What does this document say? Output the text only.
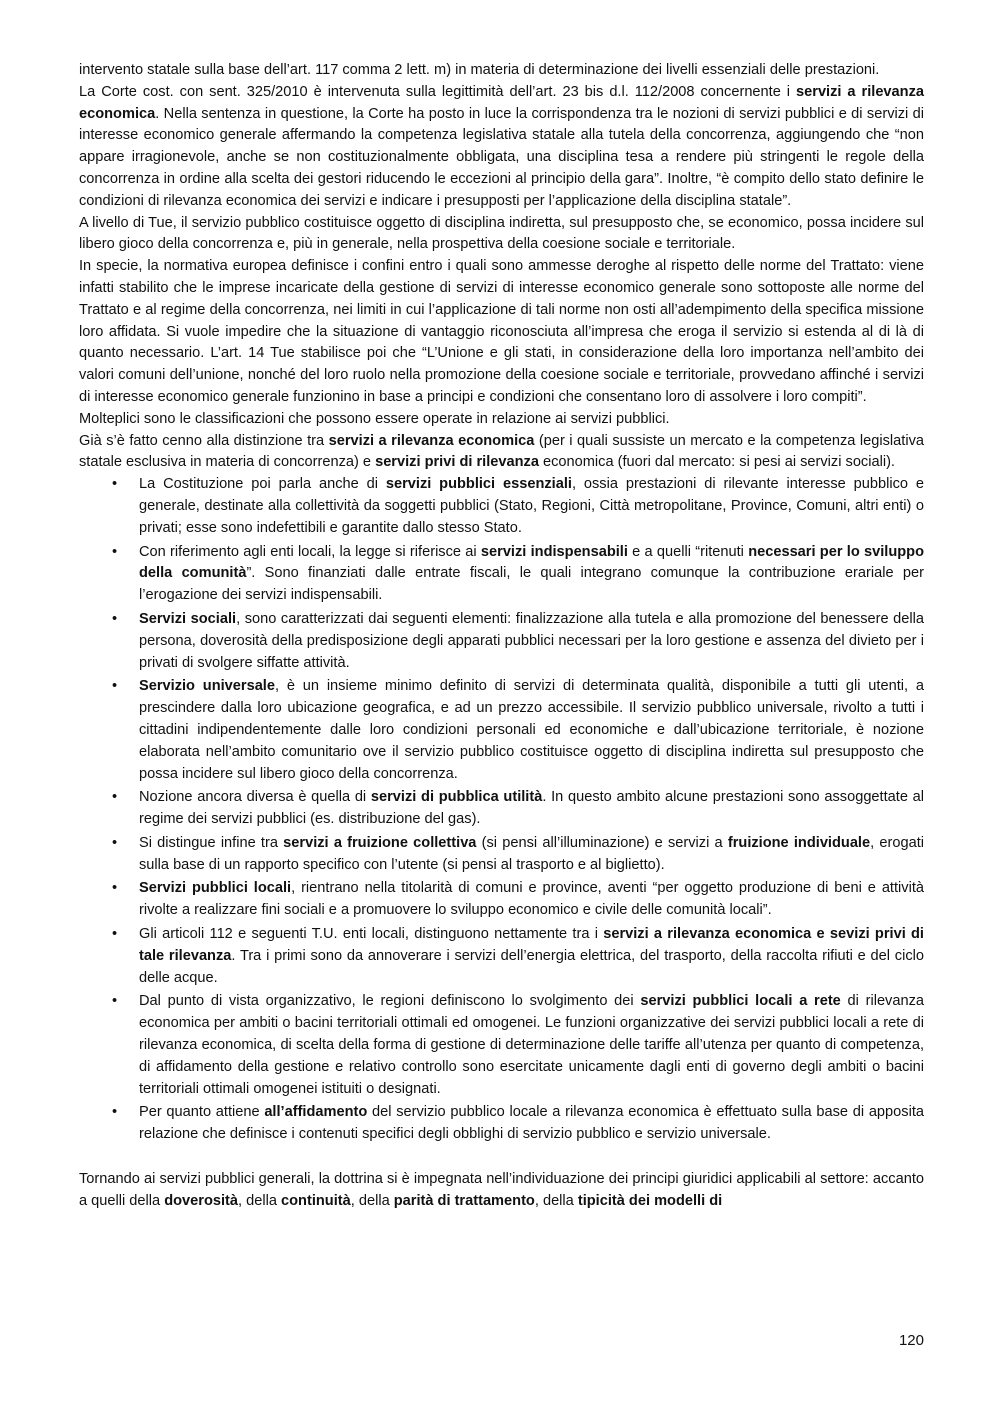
intervento statale sulla base dell’art. 117 comma 2 lett. m) in materia di determinazione dei livelli essenziali delle prestazioni.

La Corte cost. con sent. 325/2010 è intervenuta sulla legittimità dell’art. 23 bis d.l. 112/2008 concernente i servizi a rilevanza economica. Nella sentenza in questione, la Corte ha posto in luce la corrispondenza tra le nozioni di servizi pubblici e di servizi di interesse economico generale affermando la competenza legislativa statale alla tutela della concorrenza, aggiungendo che “non appare irragionevole, anche se non costituzionalmente obbligata, una disciplina tesa a rendere più stringenti le regole della concorrenza in ordine alla scelta dei gestori riducendo le eccezioni al principio della gara”. Inoltre, “è compito dello stato definire le condizioni di rilevanza economica dei servizi e indicare i presupposti per l’applicazione della disciplina statale”.

A livello di Tue, il servizio pubblico costituisce oggetto di disciplina indiretta, sul presupposto che, se economico, possa incidere sul libero gioco della concorrenza e, più in generale, nella prospettiva della coesione sociale e territoriale.

In specie, la normativa europea definisce i confini entro i quali sono ammesse deroghe al rispetto delle norme del Trattato: viene infatti stabilito che le imprese incaricate della gestione di servizi di interesse economico generale sono sottoposte alle norme del Trattato e al regime della concorrenza, nei limiti in cui l’applicazione di tali norme non osti all’adempimento della specifica missione loro affidata. Si vuole impedire che la situazione di vantaggio riconosciuta all’impresa che eroga il servizio si estenda al di là di quanto necessario. L’art. 14 Tue stabilisce poi che “L’Unione e gli stati, in considerazione della loro importanza nell’ambito dei valori comuni dell’unione, nonché del loro ruolo nella promozione della coesione sociale e territoriale, provvedano affinché i servizi di interesse economico generale funzionino in base a principi e condizioni che consentano loro di assolvere i loro compiti”.

Molteplici sono le classificazioni che possono essere operate in relazione ai servizi pubblici.

Già s’è fatto cenno alla distinzione tra servizi a rilevanza economica (per i quali sussiste un mercato e la competenza legislativa statale esclusiva in materia di concorrenza) e servizi privi di rilevanza economica (fuori dal mercato: si pesi ai servizi sociali).

• La Costituzione poi parla anche di servizi pubblici essenziali, ossia prestazioni di rilevante interesse pubblico e generale, destinate alla collettività da soggetti pubblici (Stato, Regioni, Città metropolitane, Province, Comuni, altri enti) o privati; esse sono indefettibili e garantite dallo stesso Stato.
• Con riferimento agli enti locali, la legge si riferisce ai servizi indispensabili e a quelli “ritenuti necessari per lo sviluppo della comunità”. Sono finanziati dalle entrate fiscali, le quali integrano comunque la contribuzione erariale per l’erogazione dei servizi indispensabili.
• Servizi sociali, sono caratterizzati dai seguenti elementi: finalizzazione alla tutela e alla promozione del benessere della persona, doverosità della predisposizione degli apparati pubblici necessari per la loro gestione e assenza del divieto per i privati di svolgere siffatte attività.
• Servizio universale, è un insieme minimo definito di servizi di determinata qualità, disponibile a tutti gli utenti, a prescindere dalla loro ubicazione geografica, e ad un prezzo accessibile. Il servizio pubblico universale, rivolto a tutti i cittadini indipendentemente dalle loro condizioni personali ed economiche e dall’ubicazione territoriale, è nozione elaborata nell’ambito comunitario ove il servizio pubblico costituisce oggetto di disciplina indiretta sul presupposto che possa incidere sul libero gioco della concorrenza.
• Nozione ancora diversa è quella di servizi di pubblica utilità. In questo ambito alcune prestazioni sono assoggettate al regime dei servizi pubblici (es. distribuzione del gas).
• Si distingue infine tra servizi a fruizione collettiva (si pensi all’illuminazione) e servizi a fruizione individuale, erogati sulla base di un rapporto specifico con l’utente (si pensi al trasporto e al biglietto).
• Servizi pubblici locali, rientrano nella titolarità di comuni e province, aventi “per oggetto produzione di beni e attività rivolte a realizzare fini sociali e a promuovere lo sviluppo economico e civile delle comunità locali”.
• Gli articoli 112 e seguenti T.U. enti locali, distinguono nettamente tra i servizi a rilevanza economica e sevizi privi di tale rilevanza. Tra i primi sono da annoverare i servizi dell’energia elettrica, del trasporto, della raccolta rifiuti e del ciclo delle acque.
• Dal punto di vista organizzativo, le regioni definiscono lo svolgimento dei servizi pubblici locali a rete di rilevanza economica per ambiti o bacini territoriali ottimali ed omogenei. Le funzioni organizzative dei servizi pubblici locali a rete di rilevanza economica, di scelta della forma di gestione di determinazione delle tariffe all’utenza per quanto di competenza, di affidamento della gestione e relativo controllo sono esercitate unicamente dagli enti di governo degli ambiti o bacini territoriali ottimali omogenei istituiti o designati.
• Per quanto attiene all’affidamento del servizio pubblico locale a rilevanza economica è effettuato sulla base di apposita relazione che definisce i contenuti specifici degli obblighi di servizio pubblico e servizio universale.

Tornando ai servizi pubblici generali, la dottrina si è impegnata nell’individuazione dei principi giuridici applicabili al settore: accanto a quelli della doverosità, della continuità, della parità di trattamento, della tipicità dei modelli di

120
